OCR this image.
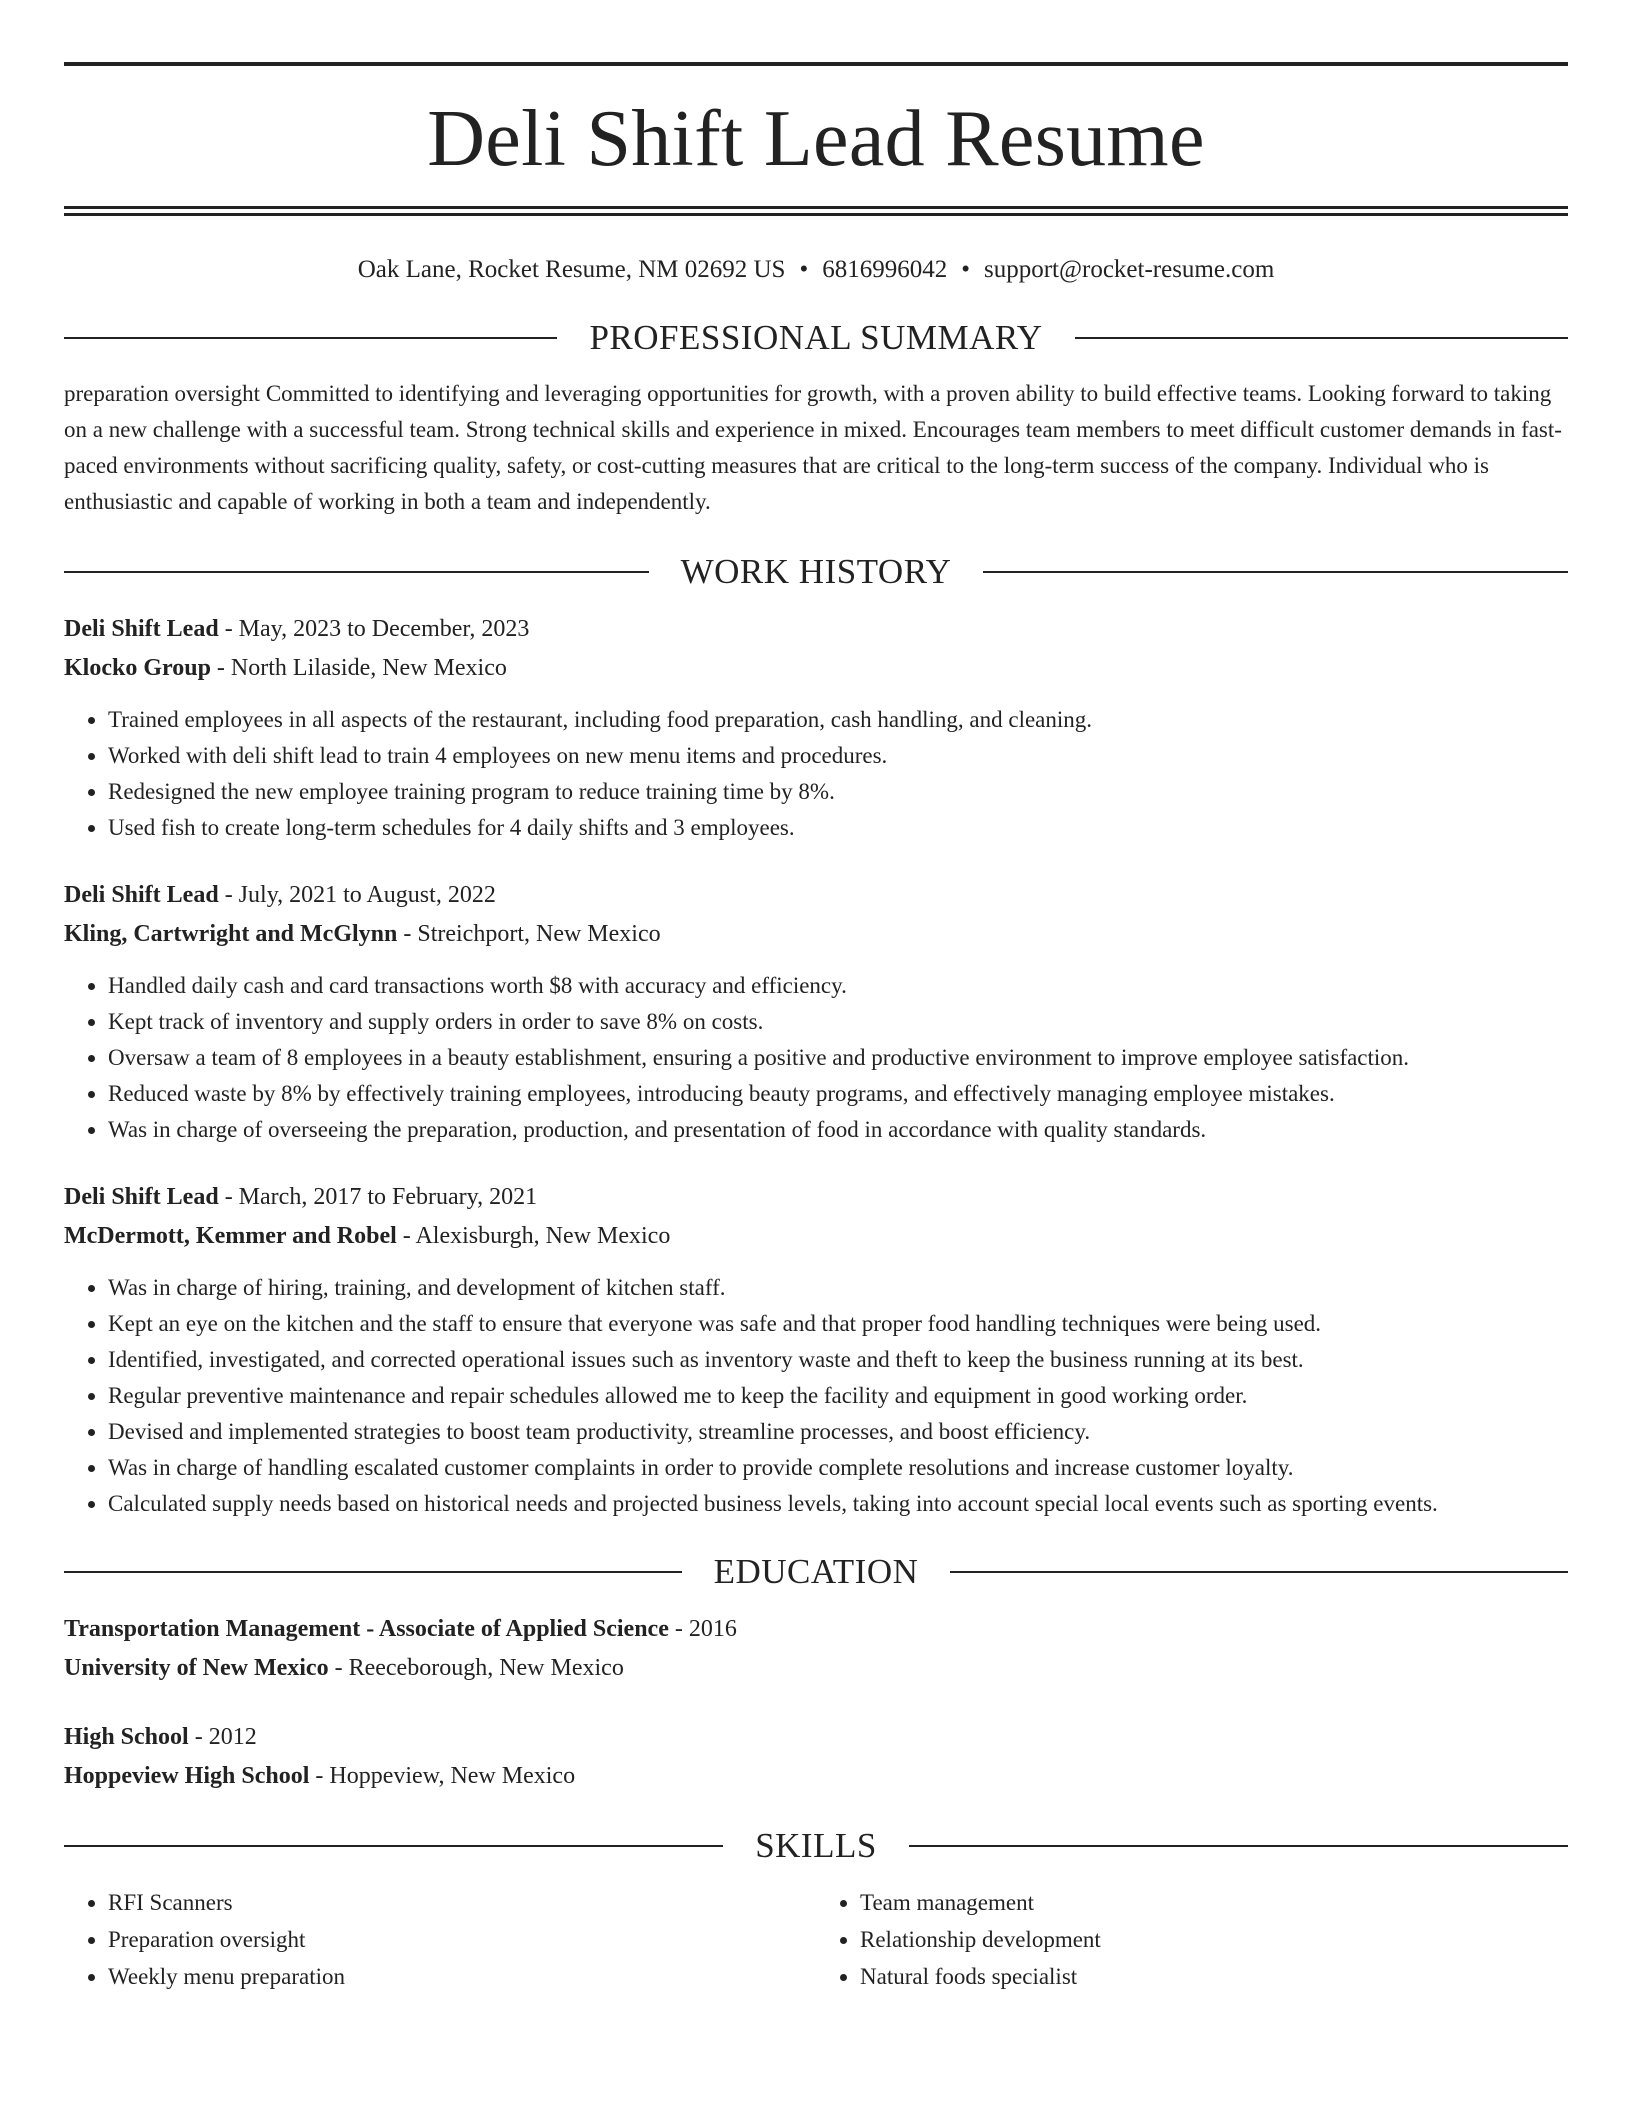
Deli Shift Lead Resume
Oak Lane, Rocket Resume, NM 02692 US • 6816996042 • support@rocket-resume.com
PROFESSIONAL SUMMARY

preparation oversight Committed to identifying and leveraging opportunities for growth, with a proven ability to build effective teams. Looking forward to taking on a new challenge with a successful team. Strong technical skills and experience in mixed. Encourages team members to meet difficult customer demands in fast-paced environments without sacrificing quality, safety, or cost-cutting measures that are critical to the long-term success of the company. Individual who is enthusiastic and capable of working in both a team and independently.

WORK HISTORY
Deli Shift Lead - May, 2023 to December, 2023
Klocko Group - North Lilaside, New Mexico
• Trained employees in all aspects of the restaurant, including food preparation, cash handling, and cleaning.
• Worked with deli shift lead to train 4 employees on new menu items and procedures.
• Redesigned the new employee training program to reduce training time by 8%.
• Used fish to create long-term schedules for 4 daily shifts and 3 employees.
Deli Shift Lead - July, 2021 to August, 2022
Kling, Cartwright and McGlynn - Streichport, New Mexico
• Handled daily cash and card transactions worth $8 with accuracy and efficiency.
• Kept track of inventory and supply orders in order to save 8% on costs.
• Oversaw a team of 8 employees in a beauty establishment, ensuring a positive and productive environment to improve employee satisfaction.
• Reduced waste by 8% by effectively training employees, introducing beauty programs, and effectively managing employee mistakes.
• Was in charge of overseeing the preparation, production, and presentation of food in accordance with quality standards.
Deli Shift Lead - March, 2017 to February, 2021
McDermott, Kemmer and Robel - Alexisburgh, New Mexico
• Was in charge of hiring, training, and development of kitchen staff.
• Kept an eye on the kitchen and the staff to ensure that everyone was safe and that proper food handling techniques were being used.
• Identified, investigated, and corrected operational issues such as inventory waste and theft to keep the business running at its best.
• Regular preventive maintenance and repair schedules allowed me to keep the facility and equipment in good working order.
• Devised and implemented strategies to boost team productivity, streamline processes, and boost efficiency.
• Was in charge of handling escalated customer complaints in order to provide complete resolutions and increase customer loyalty.
• Calculated supply needs based on historical needs and projected business levels, taking into account special local events such as sporting events.
EDUCATION
Transportation Management - Associate of Applied Science - 2016
University of New Mexico - Reeceborough, New Mexico
High School - 2012
Hoppeview High School - Hoppeview, New Mexico
SKILLS
• RFI Scanners
• Preparation oversight
• Weekly menu preparation
• Team management
• Relationship development
• Natural foods specialist
